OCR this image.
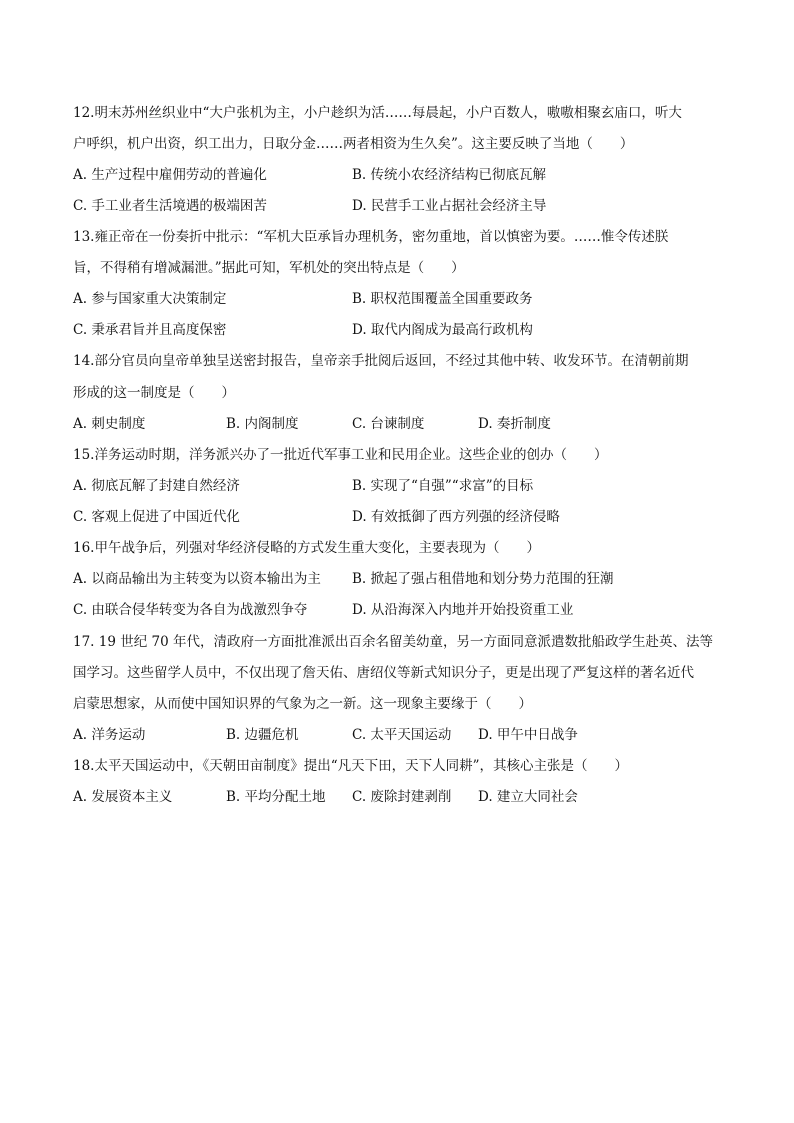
12.明末苏州丝织业中“大户张机为主，小户趁织为活……每晨起，小户百数人，嗷嗷相聚玄庙口，听大
户呼织，机户出资，织工出力，日取分金……两者相资为生久矣”。这主要反映了当地（　　）
A. 生产过程中雇佣劳动的普遍化	B. 传统小农经济结构已彻底瓦解
C. 手工业者生活境遇的极端困苦	D. 民营手工业占据社会经济主导
13.雍正帝在一份奏折中批示：“军机大臣承旨办理机务，密勿重地，首以慎密为要。……惟令传述朕
旨，不得稍有增减漏泄。”据此可知，军机处的突出特点是（　　）
A. 参与国家重大决策制定	B. 职权范围覆盖全国重要政务
C. 秉承君旨并且高度保密	D. 取代内阁成为最高行政机构
14.部分官员向皇帝单独呈送密封报告，皇帝亲手批阅后返回，不经过其他中转、收发环节。在清朝前期
形成的这一制度是（　　）
A. 刺史制度	B. 内阁制度	C. 台谏制度	D. 奏折制度
15.洋务运动时期，洋务派兴办了一批近代军事工业和民用企业。这些企业的创办（　　）
A. 彻底瓦解了封建自然经济	B. 实现了“自强”“求富”的目标
C. 客观上促进了中国近代化	D. 有效抵御了西方列强的经济侵略
16.甲午战争后，列强对华经济侵略的方式发生重大变化，主要表现为（　　）
A. 以商品输出为主转变为以资本输出为主 B. 掀起了强占租借地和划分势力范围的狂潮
C. 由联合侵华转变为各自为战激烈争夺	D. 从沿海深入内地并开始投资重工业
17. 19 世纪 70 年代，清政府一方面批准派出百余名留美幼童，另一方面同意派遣数批船政学生赴英、法等
国学习。这些留学人员中，不仅出现了詹天佑、唐绍仪等新式知识分子，更是出现了严复这样的著名近代
启蒙思想家，从而使中国知识界的气象为之一新。这一现象主要缘于（　　）
A. 洋务运动	B. 边疆危机	C. 太平天国运动 D. 甲午中日战争
18.太平天国运动中，《天朝田亩制度》提出“凡天下田，天下人同耕”，其核心主张是（　　）
A. 发展资本主义	B. 平均分配土地 C. 废除封建剥削 D. 建立大同社会
